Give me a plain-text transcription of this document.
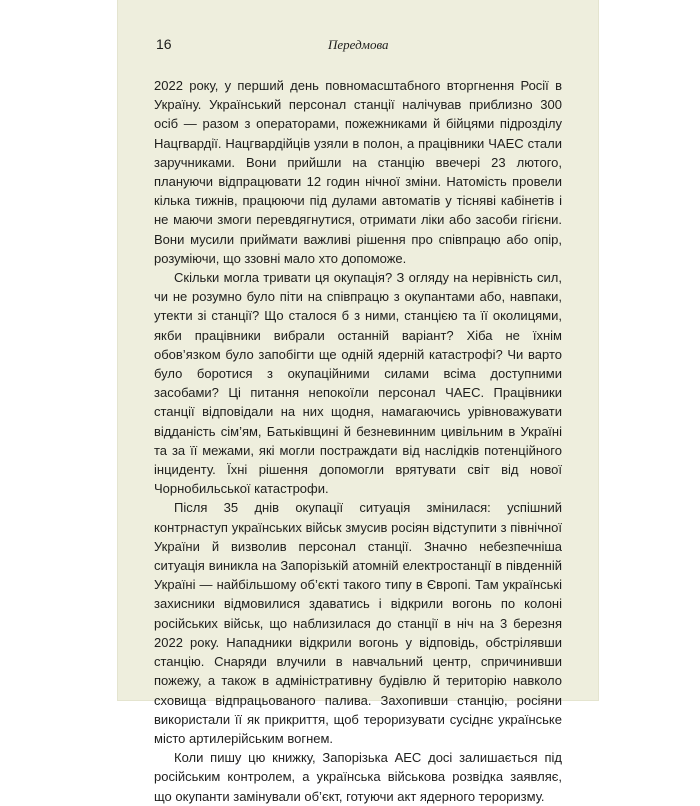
16	Передмова

2022 року, у перший день повномасштабного вторгнення Росії в Україну. Український персонал станції налічував приблизно 300 осіб — разом з операторами, пожежниками й бійцями підрозділу Нацгвардії. Нацгвардійців узяли в полон, а працівники ЧАЕС стали заручниками. Вони прийшли на станцію ввечері 23 лютого, плануючи відпрацювати 12 годин нічної зміни. Натомість провели кілька тижнів, працюючи під дулами автоматів у тісняві кабінетів і не маючи змоги перевдягнутися, отримати ліки або засоби гігієни. Вони мусили приймати важливі рішення про співпрацю або опір, розуміючи, що ззовні мало хто допоможе.

Скільки могла тривати ця окупація? З огляду на нерівність сил, чи не розумно було піти на співпрацю з окупантами або, навпаки, утекти зі станції? Що сталося б з ними, станцією та її околицями, якби працівники вибрали останній варіант? Хіба не їхнім обов’язком було запобігти ще одній ядерній катастрофі? Чи варто було боротися з окупаційними силами всіма доступними засобами? Ці питання непокоїли персонал ЧАЕС. Працівники станції відповідали на них щодня, намагаючись урівноважувати відданість сім’ям, Батьківщині й безневинним цивільним в Україні та за її межами, які могли постраждати від наслідків потенційного інциденту. Їхні рішення допомогли врятувати світ від нової Чорнобильської катастрофи.

Після 35 днів окупації ситуація змінилася: успішний контрнаступ українських військ змусив росіян відступити з північної України й визволив персонал станції. Значно небезпечніша ситуація виникла на Запорізькій атомній електростанції в південній Україні — найбільшому об’єкті такого типу в Європі. Там українські захисники відмовилися здаватись і відкрили вогонь по колоні російських військ, що наблизилася до станції в ніч на 3 березня 2022 року. Нападники відкрили вогонь у відповідь, обстрілявши станцію. Снаряди влучили в навчальний центр, спричинивши пожежу, а також в адміністративну будівлю й територію навколо сховища відпрацьованого палива. Захопивши станцію, росіяни використали її як прикриття, щоб тероризувати сусіднє українське місто артилерійським вогнем.

Коли пишу цю книжку, Запорізька АЕС досі залишається під російським контролем, а українська військова розвідка заявляє, що окупанти замінували об’єкт, готуючи акт ядерного тероризму.
